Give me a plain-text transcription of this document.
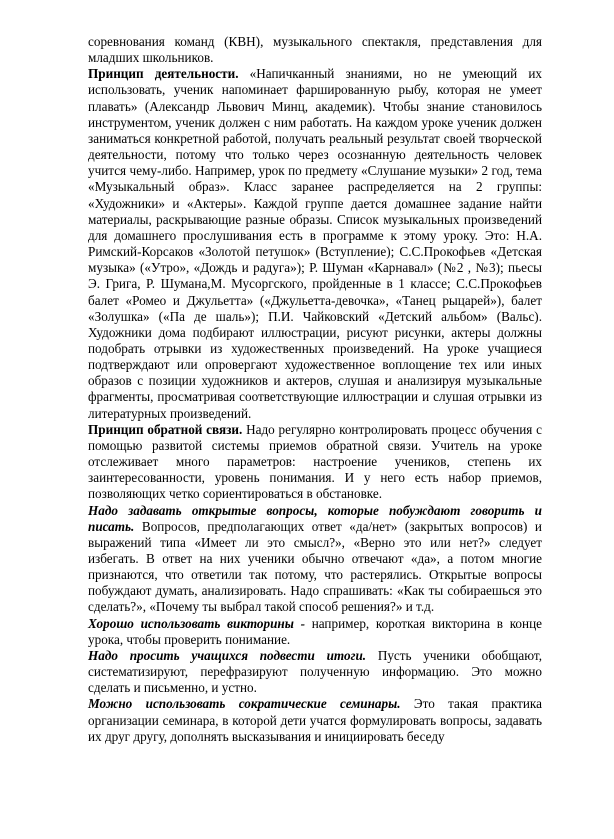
соревнования команд (КВН), музыкального спектакля, представления для младших школьников.

Принцип деятельности. «Напичканный знаниями, но не умеющий их использовать, ученик напоминает фаршированную рыбу, которая не умеет плавать» (Александр Львович Минц, академик). Чтобы знание становилось инструментом, ученик должен с ним работать. На каждом уроке ученик должен заниматься конкретной работой, получать реальный результат своей творческой деятельности, потому что только через осознанную деятельность человек учится чему-либо. Например, урок по предмету «Слушание музыки» 2 год, тема «Музыкальный образ». Класс заранее распределяется на 2 группы: «Художники» и «Актеры». Каждой группе дается домашнее задание найти материалы, раскрывающие разные образы. Список музыкальных произведений для домашнего прослушивания есть в программе к этому уроку. Это: Н.А. Римский-Корсаков «Золотой петушок» (Вступление); С.С.Прокофьев «Детская музыка» («Утро», «Дождь и радуга»); Р. Шуман «Карнавал» (№2 , №3); пьесы Э. Грига, Р. Шумана,М. Мусоргского, пройденные в 1 классе; С.С.Прокофьев балет «Ромео и Джульетта» («Джульетта-девочка», «Танец рыцарей»), балет «Золушка» («Па де шаль»); П.И. Чайковский «Детский альбом» (Вальс). Художники дома подбирают иллюстрации, рисуют рисунки, актеры должны подобрать отрывки из художественных произведений. На уроке учащиеся подтверждают или опровергают художественное воплощение тех или иных образов с позиции художников и актеров, слушая и анализируя музыкальные фрагменты, просматривая соответствующие иллюстрации и слушая отрывки из литературных произведений.

Принцип обратной связи. Надо регулярно контролировать процесс обучения с помощью развитой системы приемов обратной связи. Учитель на уроке отслеживает много параметров: настроение учеников, степень их заинтересованности, уровень понимания. И у него есть набор приемов, позволяющих четко сориентироваться в обстановке.

Надо задавать открытые вопросы, которые побуждают говорить и писать. Вопросов, предполагающих ответ «да/нет» (закрытых вопросов) и выражений типа «Имеет ли это смысл?», «Верно это или нет?» следует избегать. В ответ на них ученики обычно отвечают «да», а потом многие признаются, что ответили так потому, что растерялись. Открытые вопросы побуждают думать, анализировать. Надо спрашивать: «Как ты собираешься это сделать?», «Почему ты выбрал такой способ решения?» и т.д.

Хорошо использовать викторины - например, короткая викторина в конце урока, чтобы проверить понимание.

Надо просить учащихся подвести итоги. Пусть ученики обобщают, систематизируют, перефразируют полученную информацию. Это можно сделать и письменно, и устно.

Можно использовать сократические семинары. Это такая практика организации семинара, в которой дети учатся формулировать вопросы, задавать их друг другу, дополнять высказывания и инициировать беседу
